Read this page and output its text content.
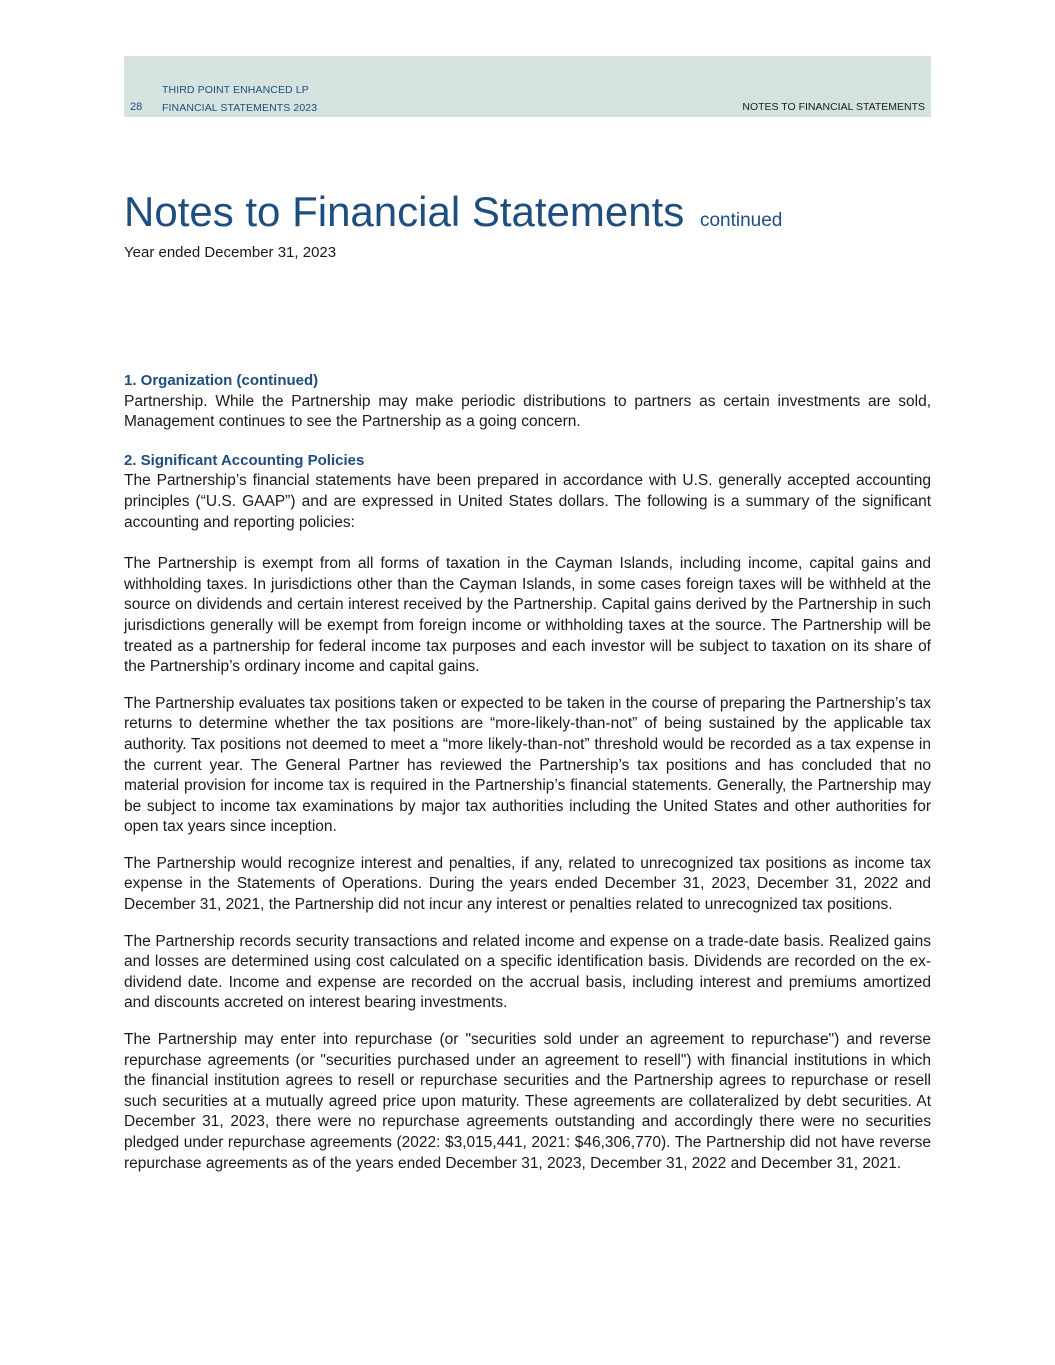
28
THIRD POINT ENHANCED LP
FINANCIAL STATEMENTS 2023	NOTES TO FINANCIAL STATEMENTS
Notes to Financial Statements continued
Year ended December 31, 2023
1. Organization (continued)

Partnership. While the Partnership may make periodic distributions to partners as certain investments are sold, Management continues to see the Partnership as a going concern.

2. Significant Accounting Policies

The Partnership’s financial statements have been prepared in accordance with U.S. generally accepted accounting principles (“U.S. GAAP”) and are expressed in United States dollars. The following is a summary of the significant accounting and reporting policies:

The Partnership is exempt from all forms of taxation in the Cayman Islands, including income, capital gains and withholding taxes. In jurisdictions other than the Cayman Islands, in some cases foreign taxes will be withheld at the source on dividends and certain interest received by the Partnership. Capital gains derived by the Partnership in such jurisdictions generally will be exempt from foreign income or withholding taxes at the source. The Partnership will be treated as a partnership for federal income tax purposes and each investor will be subject to taxation on its share of the Partnership’s ordinary income and capital gains.

The Partnership evaluates tax positions taken or expected to be taken in the course of preparing the Partnership’s tax returns to determine whether the tax positions are “more-likely-than-not” of being sustained by the applicable tax authority. Tax positions not deemed to meet a “more likely-than-not” threshold would be recorded as a tax expense in the current year. The General Partner has reviewed the Partnership’s tax positions and has concluded that no material provision for income tax is required in the Partnership’s financial statements. Generally, the Partnership may be subject to income tax examinations by major tax authorities including the United States and other authorities for open tax years since inception.

The Partnership would recognize interest and penalties, if any, related to unrecognized tax positions as income tax expense in the Statements of Operations. During the years ended December 31, 2023, December 31, 2022 and December 31, 2021, the Partnership did not incur any interest or penalties related to unrecognized tax positions.

The Partnership records security transactions and related income and expense on a trade-date basis. Realized gains and losses are determined using cost calculated on a specific identification basis. Dividends are recorded on the ex-dividend date. Income and expense are recorded on the accrual basis, including interest and premiums amortized and discounts accreted on interest bearing investments.

The Partnership may enter into repurchase (or "securities sold under an agreement to repurchase") and reverse repurchase agreements (or "securities purchased under an agreement to resell") with financial institutions in which the financial institution agrees to resell or repurchase securities and the Partnership agrees to repurchase or resell such securities at a mutually agreed price upon maturity. These agreements are collateralized by debt securities. At December 31, 2023, there were no repurchase agreements outstanding and accordingly there were no securities pledged under repurchase agreements (2022: $3,015,441, 2021: $46,306,770). The Partnership did not have reverse repurchase agreements as of the years ended December 31, 2023, December 31, 2022 and December 31, 2021.
